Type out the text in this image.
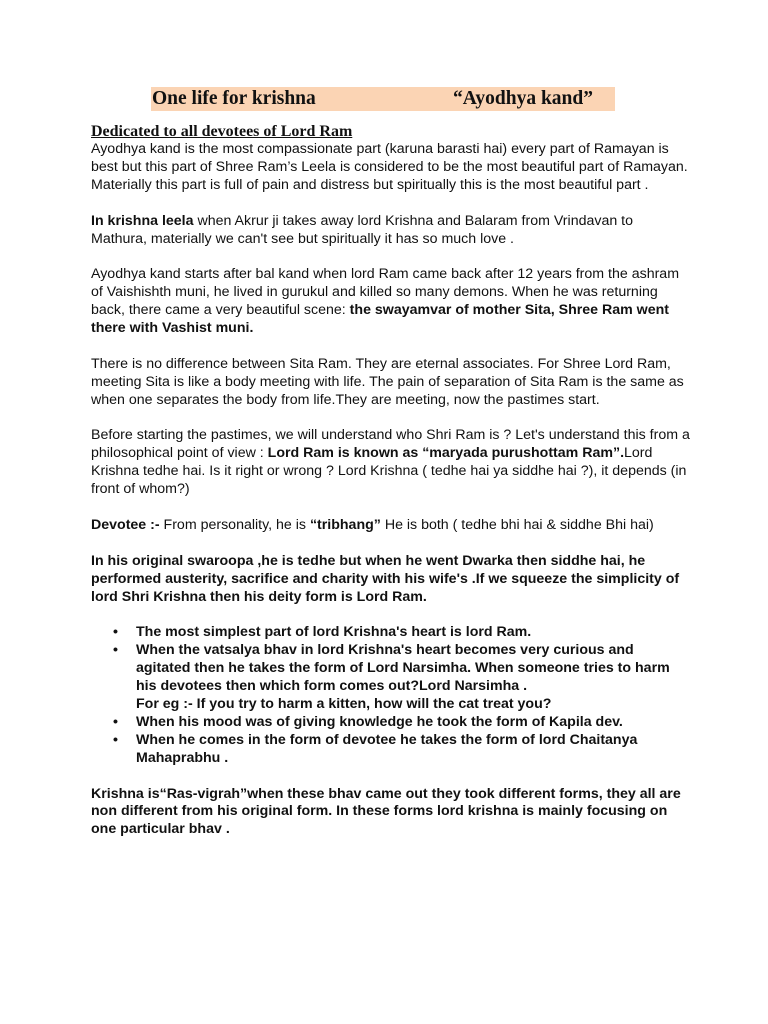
One life for krishna	“Ayodhya kand”
Dedicated to all devotees of Lord Ram

Ayodhya kand is the most compassionate part (karuna barasti hai) every part of Ramayan is best but this part of Shree Ram’s Leela is considered to be the most beautiful part of Ramayan. Materially this part is full of pain and distress but spiritually this is the most beautiful part .

In krishna leela when Akrur ji takes away lord Krishna and Balaram from Vrindavan to Mathura, materially we can't see but spiritually it has so much love .

Ayodhya kand starts after bal kand when lord Ram came back after 12 years from the ashram of Vaishishth muni, he lived in gurukul and killed so many demons. When he was returning back, there came a very beautiful scene: the swayamvar of mother Sita, Shree Ram went there with Vashist muni.

There is no difference between Sita Ram. They are eternal associates. For Shree Lord Ram, meeting Sita is like a body meeting with life. The pain of separation of Sita Ram is the same as when one separates the body from life.They are meeting, now the pastimes start.

Before starting the pastimes, we will understand who Shri Ram is ? Let's understand this from a philosophical point of view : Lord Ram is known as “maryada purushottam Ram”.Lord Krishna tedhe hai. Is it right or wrong ? Lord Krishna ( tedhe hai ya siddhe hai ?), it depends (in front of whom?)

Devotee :- From personality, he is “tribhang” He is both ( tedhe bhi hai & siddhe Bhi hai)

In his original swaroopa ,he is tedhe but when he went Dwarka then siddhe hai, he performed austerity, sacrifice and charity with his wife's .If we squeeze the simplicity of lord Shri Krishna then his deity form is Lord Ram.

• The most simplest part of lord Krishna's heart is lord Ram.
• When the vatsalya bhav in lord Krishna's heart becomes very curious and agitated then he takes the form of Lord Narsimha. When someone tries to harm his devotees then which form comes out?Lord Narsimha .
For eg :- If you try to harm a kitten, how will the cat treat you?
• When his mood was of giving knowledge he took the form of Kapila dev.
• When he comes in the form of devotee he takes the form of lord Chaitanya Mahaprabhu .

Krishna is“Ras-vigrah”when these bhav came out they took different forms, they all are non different from his original form. In these forms lord krishna is mainly focusing on one particular bhav .
